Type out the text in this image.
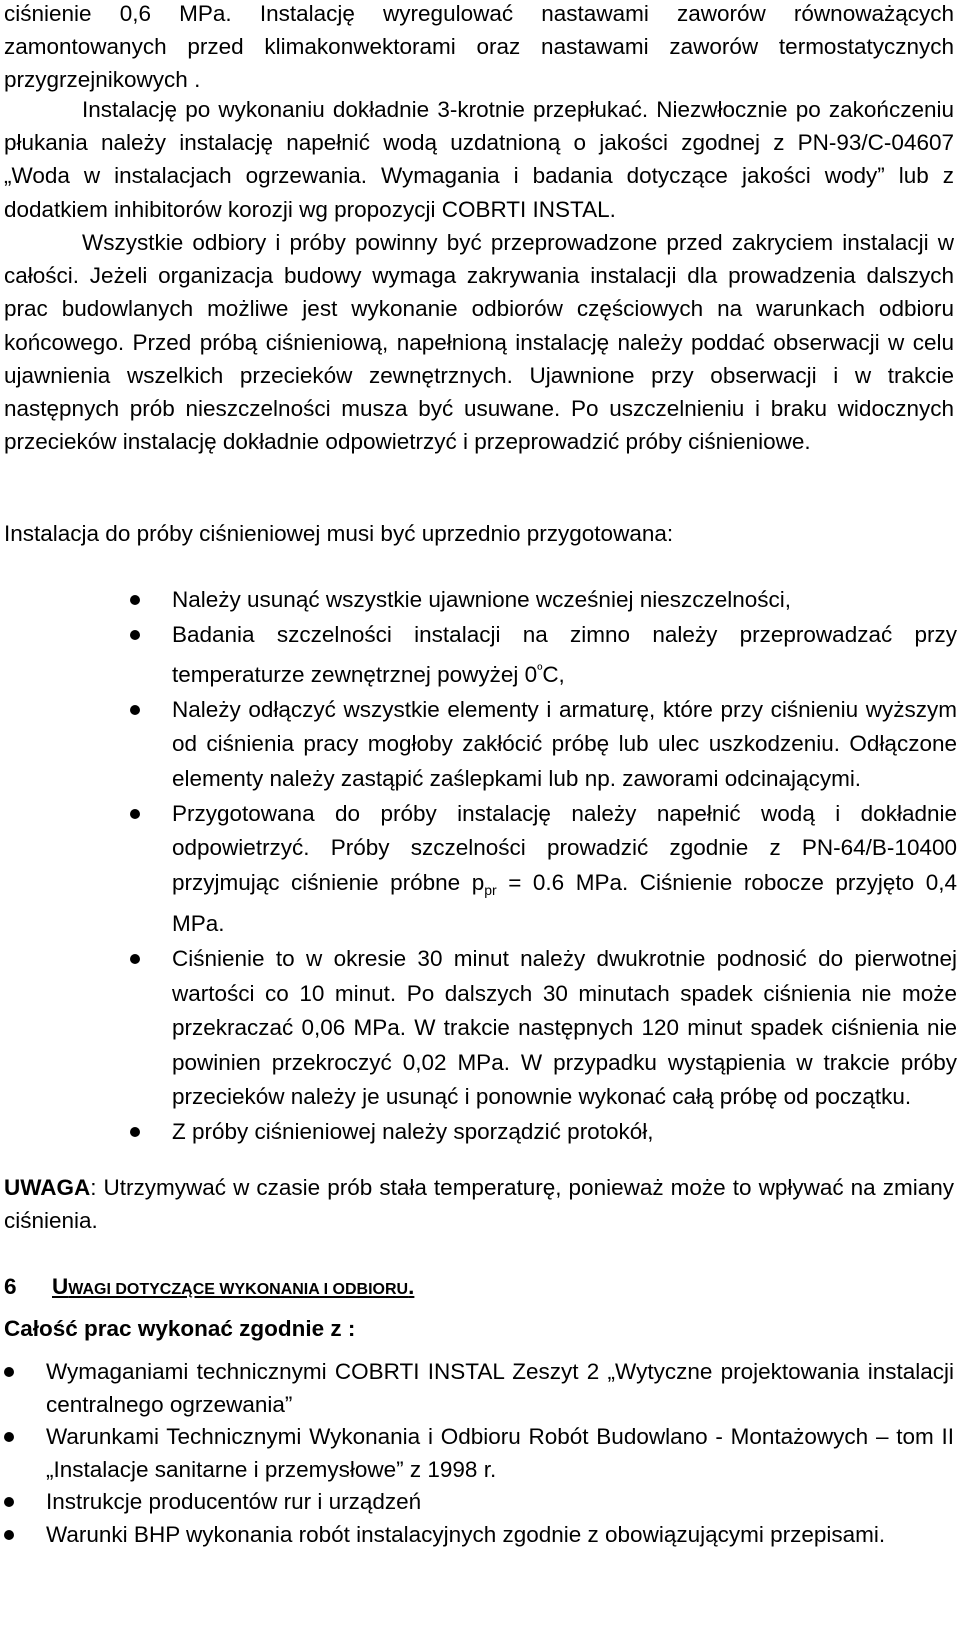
ciśnienie 0,6 MPa. Instalację wyregulować nastawami zaworów równoważących zamontowanych przed klimakonwektorami oraz nastawami zaworów termostatycznych przygrzejnikowych .

Instalację po wykonaniu dokładnie 3-krotnie przepłukać. Niezwłocznie po zakończeniu płukania należy instalację napełnić wodą uzdatnioną o jakości zgodnej z PN-93/C-04607 „Woda w instalacjach ogrzewania. Wymagania i badania dotyczące jakości wody” lub z dodatkiem inhibitorów korozji wg propozycji COBRTI INSTAL.

Wszystkie odbiory i próby powinny być przeprowadzone przed zakryciem instalacji w całości. Jeżeli organizacja budowy wymaga zakrywania instalacji dla prowadzenia dalszych prac budowlanych możliwe jest wykonanie odbiorów częściowych na warunkach odbioru końcowego. Przed próbą ciśnieniową, napełnioną instalację należy poddać obserwacji w celu ujawnienia wszelkich przecieków zewnętrznych. Ujawnione przy obserwacji i w trakcie następnych prób nieszczelności musza być usuwane. Po uszczelnieniu i braku widocznych przecieków instalację dokładnie odpowietrzyć i przeprowadzić próby ciśnieniowe.

Instalacja do próby ciśnieniowej musi być uprzednio przygotowana:

Należy usunąć wszystkie ujawnione wcześniej nieszczelności,
Badania szczelności instalacji na zimno należy przeprowadzać przy temperaturze zewnętrznej powyżej $0^ºC$,
Należy odłączyć wszystkie elementy i armaturę, które przy ciśnieniu wyższym od ciśnienia pracy mogłoby zakłócić próbę lub ulec uszkodzeniu. Odłączone elementy należy zastąpić zaślepkami lub np. zaworami odcinającymi.
Przygotowana do próby instalację należy napełnić wodą i dokładnie odpowietrzyć. Próby szczelności prowadzić zgodnie z PN-64/B-10400 przyjmując ciśnienie próbne $p_{pr} = 0.6$ MPa. Ciśnienie robocze przyjęto 0,4 MPa.
Ciśnienie to w okresie 30 minut należy dwukrotnie podnosić do pierwotnej wartości co 10 minut. Po dalszych 30 minutach spadek ciśnienia nie może przekraczać 0,06 MPa. W trakcie następnych 120 minut spadek ciśnienia nie powinien przekroczyć 0,02 MPa. W przypadku wystąpienia w trakcie próby przecieków należy je usunąć i ponownie wykonać całą próbę od początku.
Z próby ciśnieniowej należy sporządzić protokół,

UWAGA: Utrzymywać w czasie prób stała temperaturę, ponieważ może to wpływać na zmiany ciśnienia.

6 UWAGI DOTYCZĄCE WYKONANIA I ODBIORU.

Całość prac wykonać zgodnie z :

Wymaganiami technicznymi COBRTI INSTAL Zeszyt 2 „Wytyczne projektowania instalacji centralnego ogrzewania”
Warunkami Technicznymi Wykonania i Odbioru Robót Budowlano - Montażowych – tom II „Instalacje sanitarne i przemysłowe” z 1998 r.
Instrukcje producentów rur i urządzeń
Warunki BHP wykonania robót instalacyjnych zgodnie z obowiązującymi przepisami.
